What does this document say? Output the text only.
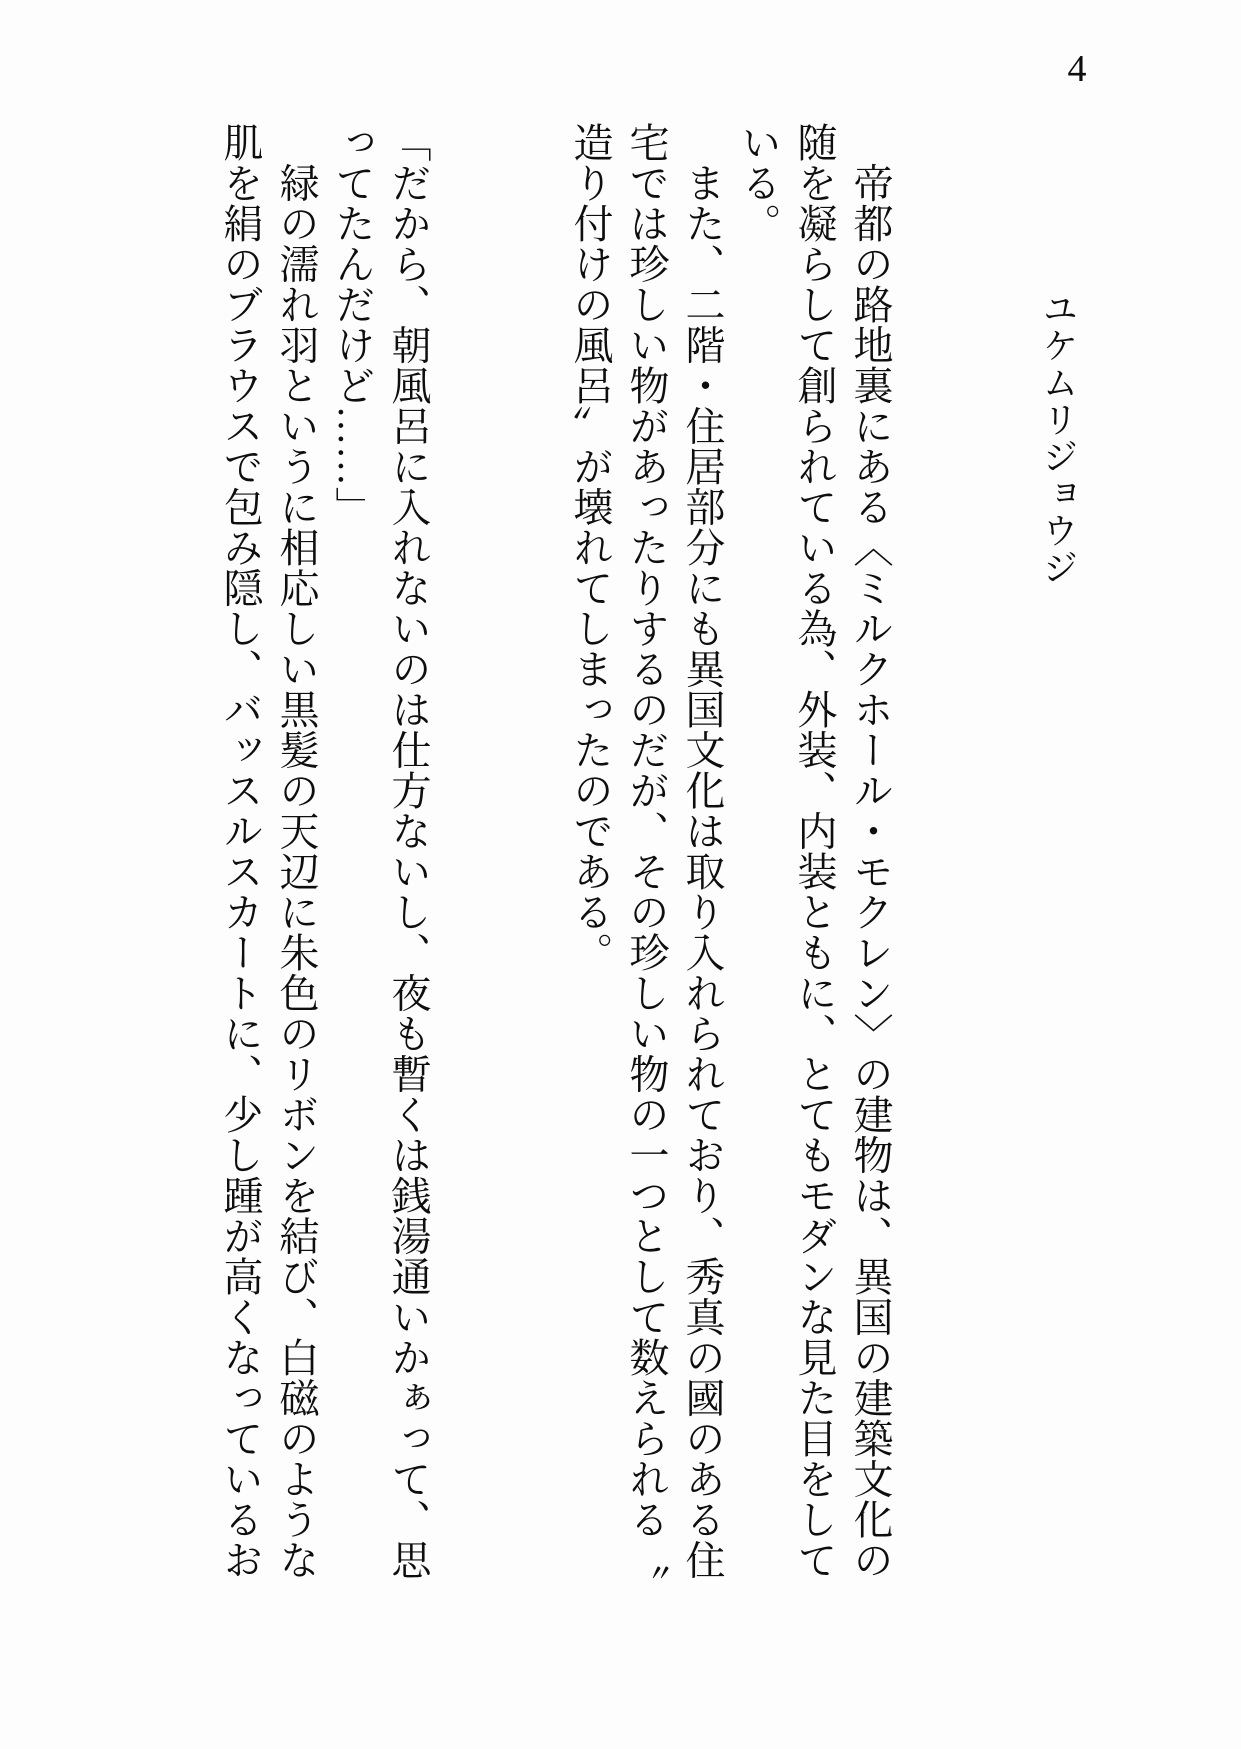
4
ユケムリジョウジ
　帝都の路地裏にある〈ミルクホール・モクレン〉の建物は、異国の建築文化の
随を凝らして創られている為、外装、内装ともに、とてもモダンな見た目をして
いる。
　また、二階・住居部分にも異国文化は取り入れられており、秀真の國のある住
宅では珍しい物があったりするのだが、その珍しい物の一つとして数えられる〝
造り付けの風呂〟が壊れてしまったのである。
「だから、朝風呂に入れないのは仕方ないし、夜も暫くは銭湯通いかぁって、思
ってたんだけど……」
　緑の濡れ羽というに相応しい黒髪の天辺に朱色のリボンを結び、白磁のような
肌を絹のブラウスで包み隠し、バッスルスカートに、少し踵が高くなっているお
